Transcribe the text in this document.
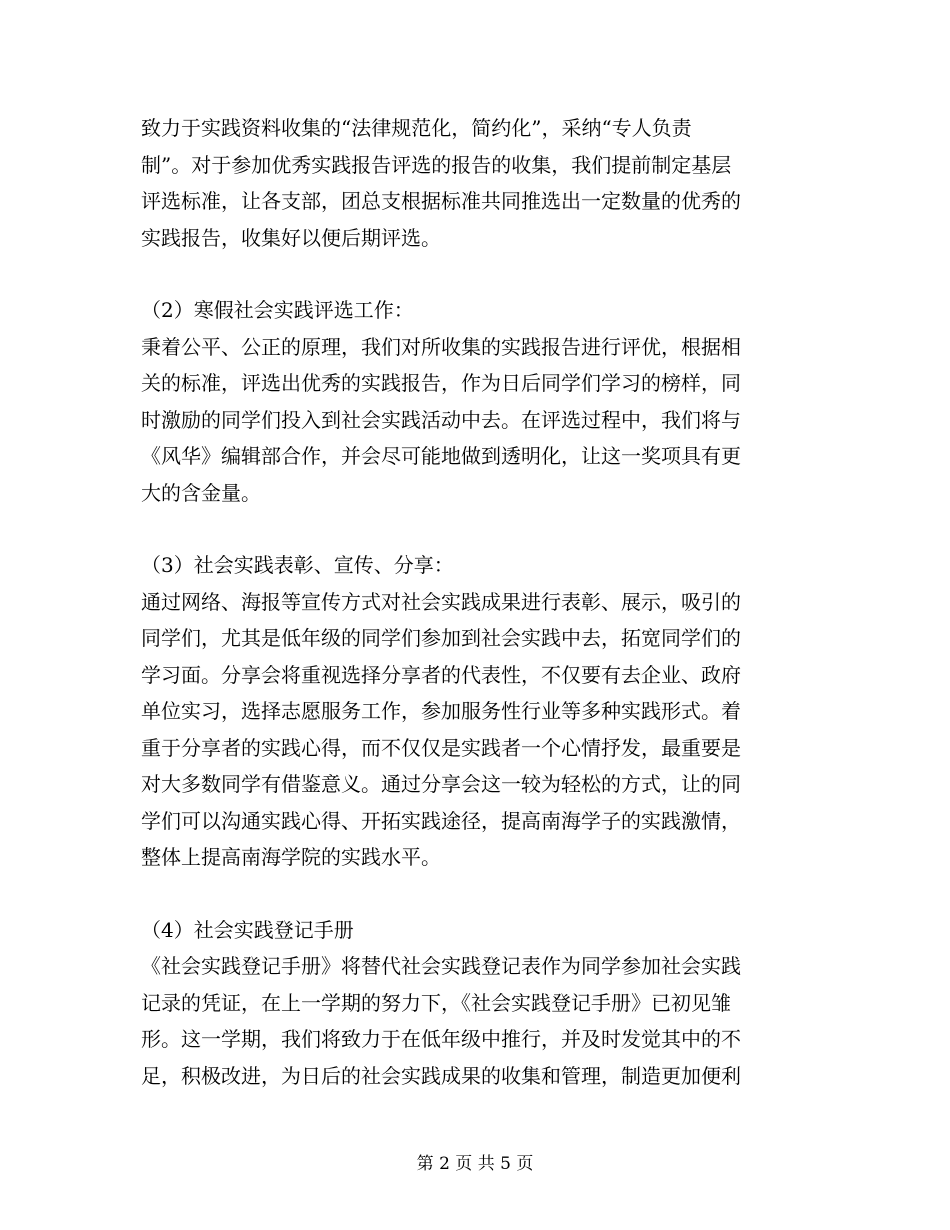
致力于实践资料收集的“法律规范化，简约化”，采纳“专人负责
制”。对于参加优秀实践报告评选的报告的收集，我们提前制定基层
评选标准，让各支部，团总支根据标准共同推选出一定数量的优秀的
实践报告，收集好以便后期评选。

（2）寒假社会实践评选工作：

秉着公平、公正的原理，我们对所收集的实践报告进行评优，根据相
关的标准，评选出优秀的实践报告，作为日后同学们学习的榜样，同
时激励的同学们投入到社会实践活动中去。在评选过程中，我们将与
《风华》编辑部合作，并会尽可能地做到透明化，让这一奖项具有更
大的含金量。

（3）社会实践表彰、宣传、分享：

通过网络、海报等宣传方式对社会实践成果进行表彰、展示，吸引的
同学们，尤其是低年级的同学们参加到社会实践中去，拓宽同学们的
学习面。分享会将重视选择分享者的代表性，不仅要有去企业、政府
单位实习，选择志愿服务工作，参加服务性行业等多种实践形式。着
重于分享者的实践心得，而不仅仅是实践者一个心情抒发，最重要是
对大多数同学有借鉴意义。通过分享会这一较为轻松的方式，让的同
学们可以沟通实践心得、开拓实践途径，提高南海学子的实践激情，
整体上提高南海学院的实践水平。

（4）社会实践登记手册

《社会实践登记手册》将替代社会实践登记表作为同学参加社会实践
记录的凭证，在上一学期的努力下，《社会实践登记手册》已初见雏
形。这一学期，我们将致力于在低年级中推行，并及时发觉其中的不
足，积极改进，为日后的社会实践成果的收集和管理，制造更加便利

第 2 页 共 5 页
